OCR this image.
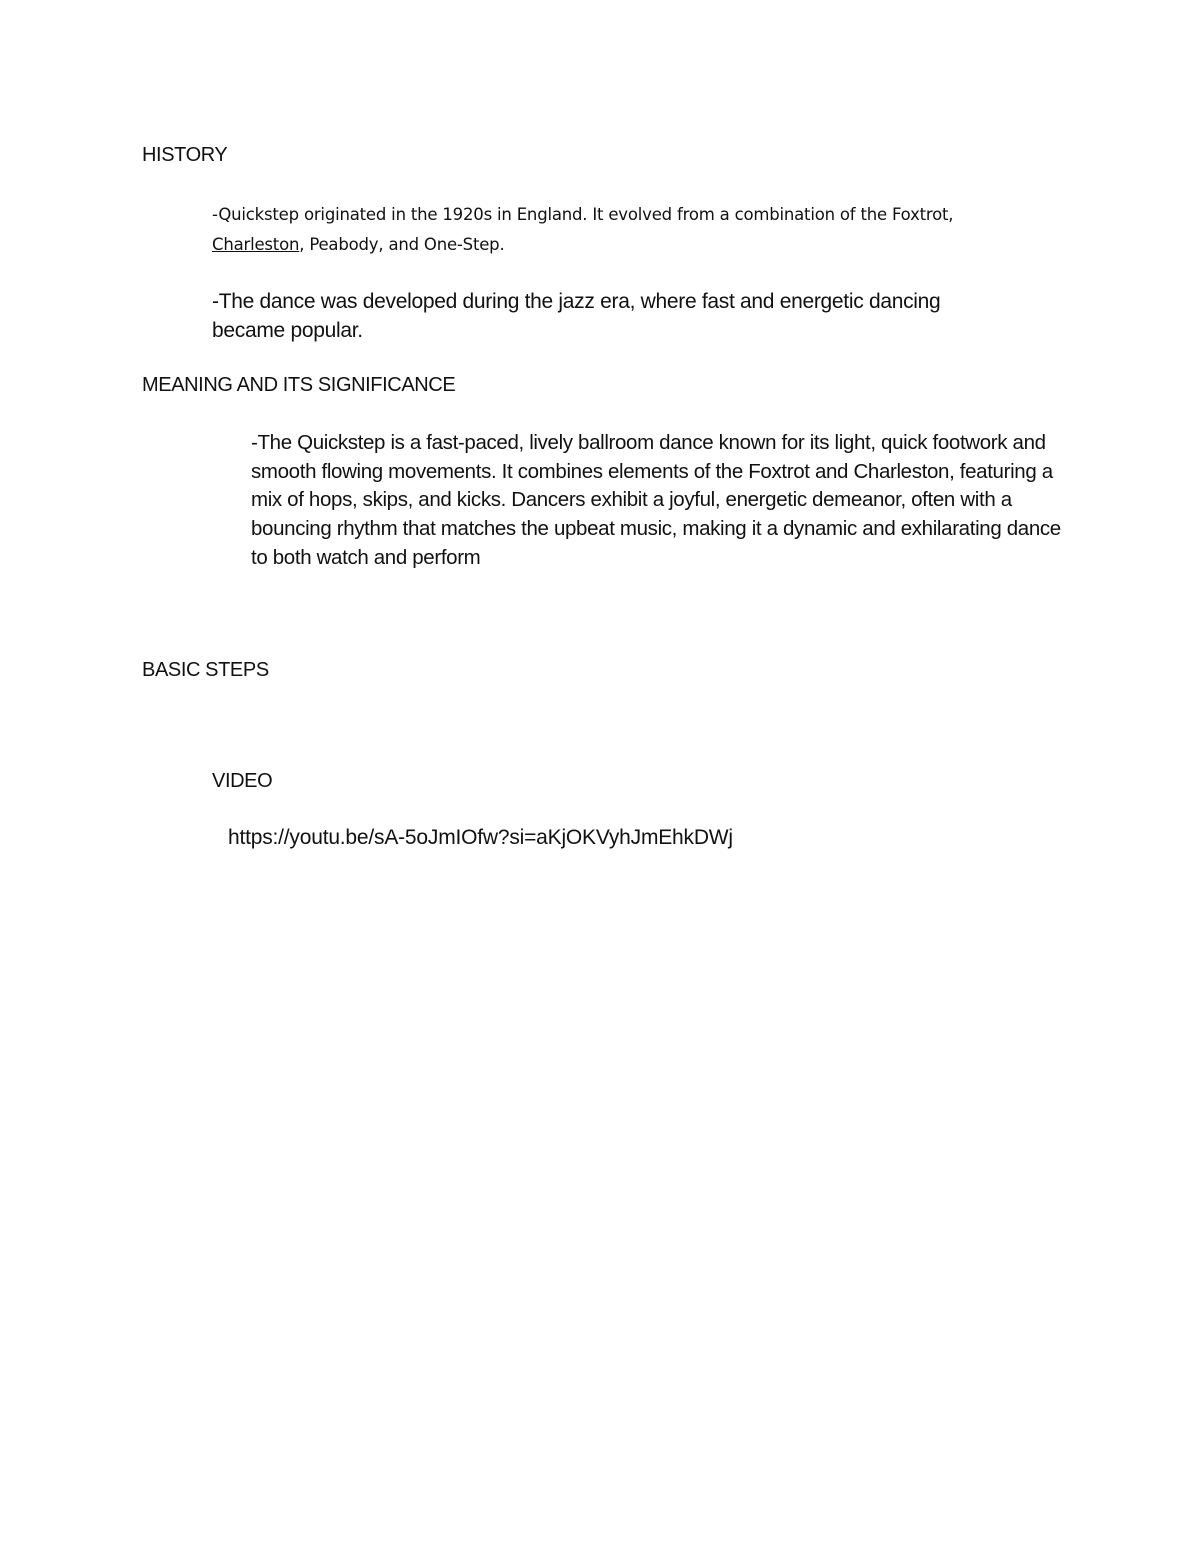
HISTORY

-Quickstep originated in the 1920s in England. It evolved from a combination of the Foxtrot, Charleston, Peabody, and One-Step.

-The dance was developed during the jazz era, where fast and energetic dancing became popular.

MEANING AND ITS SIGNIFICANCE

-The Quickstep is a fast-paced, lively ballroom dance known for its light, quick footwork and smooth flowing movements. It combines elements of the Foxtrot and Charleston, featuring a mix of hops, skips, and kicks. Dancers exhibit a joyful, energetic demeanor, often with a bouncing rhythm that matches the upbeat music, making it a dynamic and exhilarating dance to both watch and perform

BASIC STEPS
VIDEO
https://youtu.be/sA-5oJmIOfw?si=aKjOKVyhJmEhkDWj
